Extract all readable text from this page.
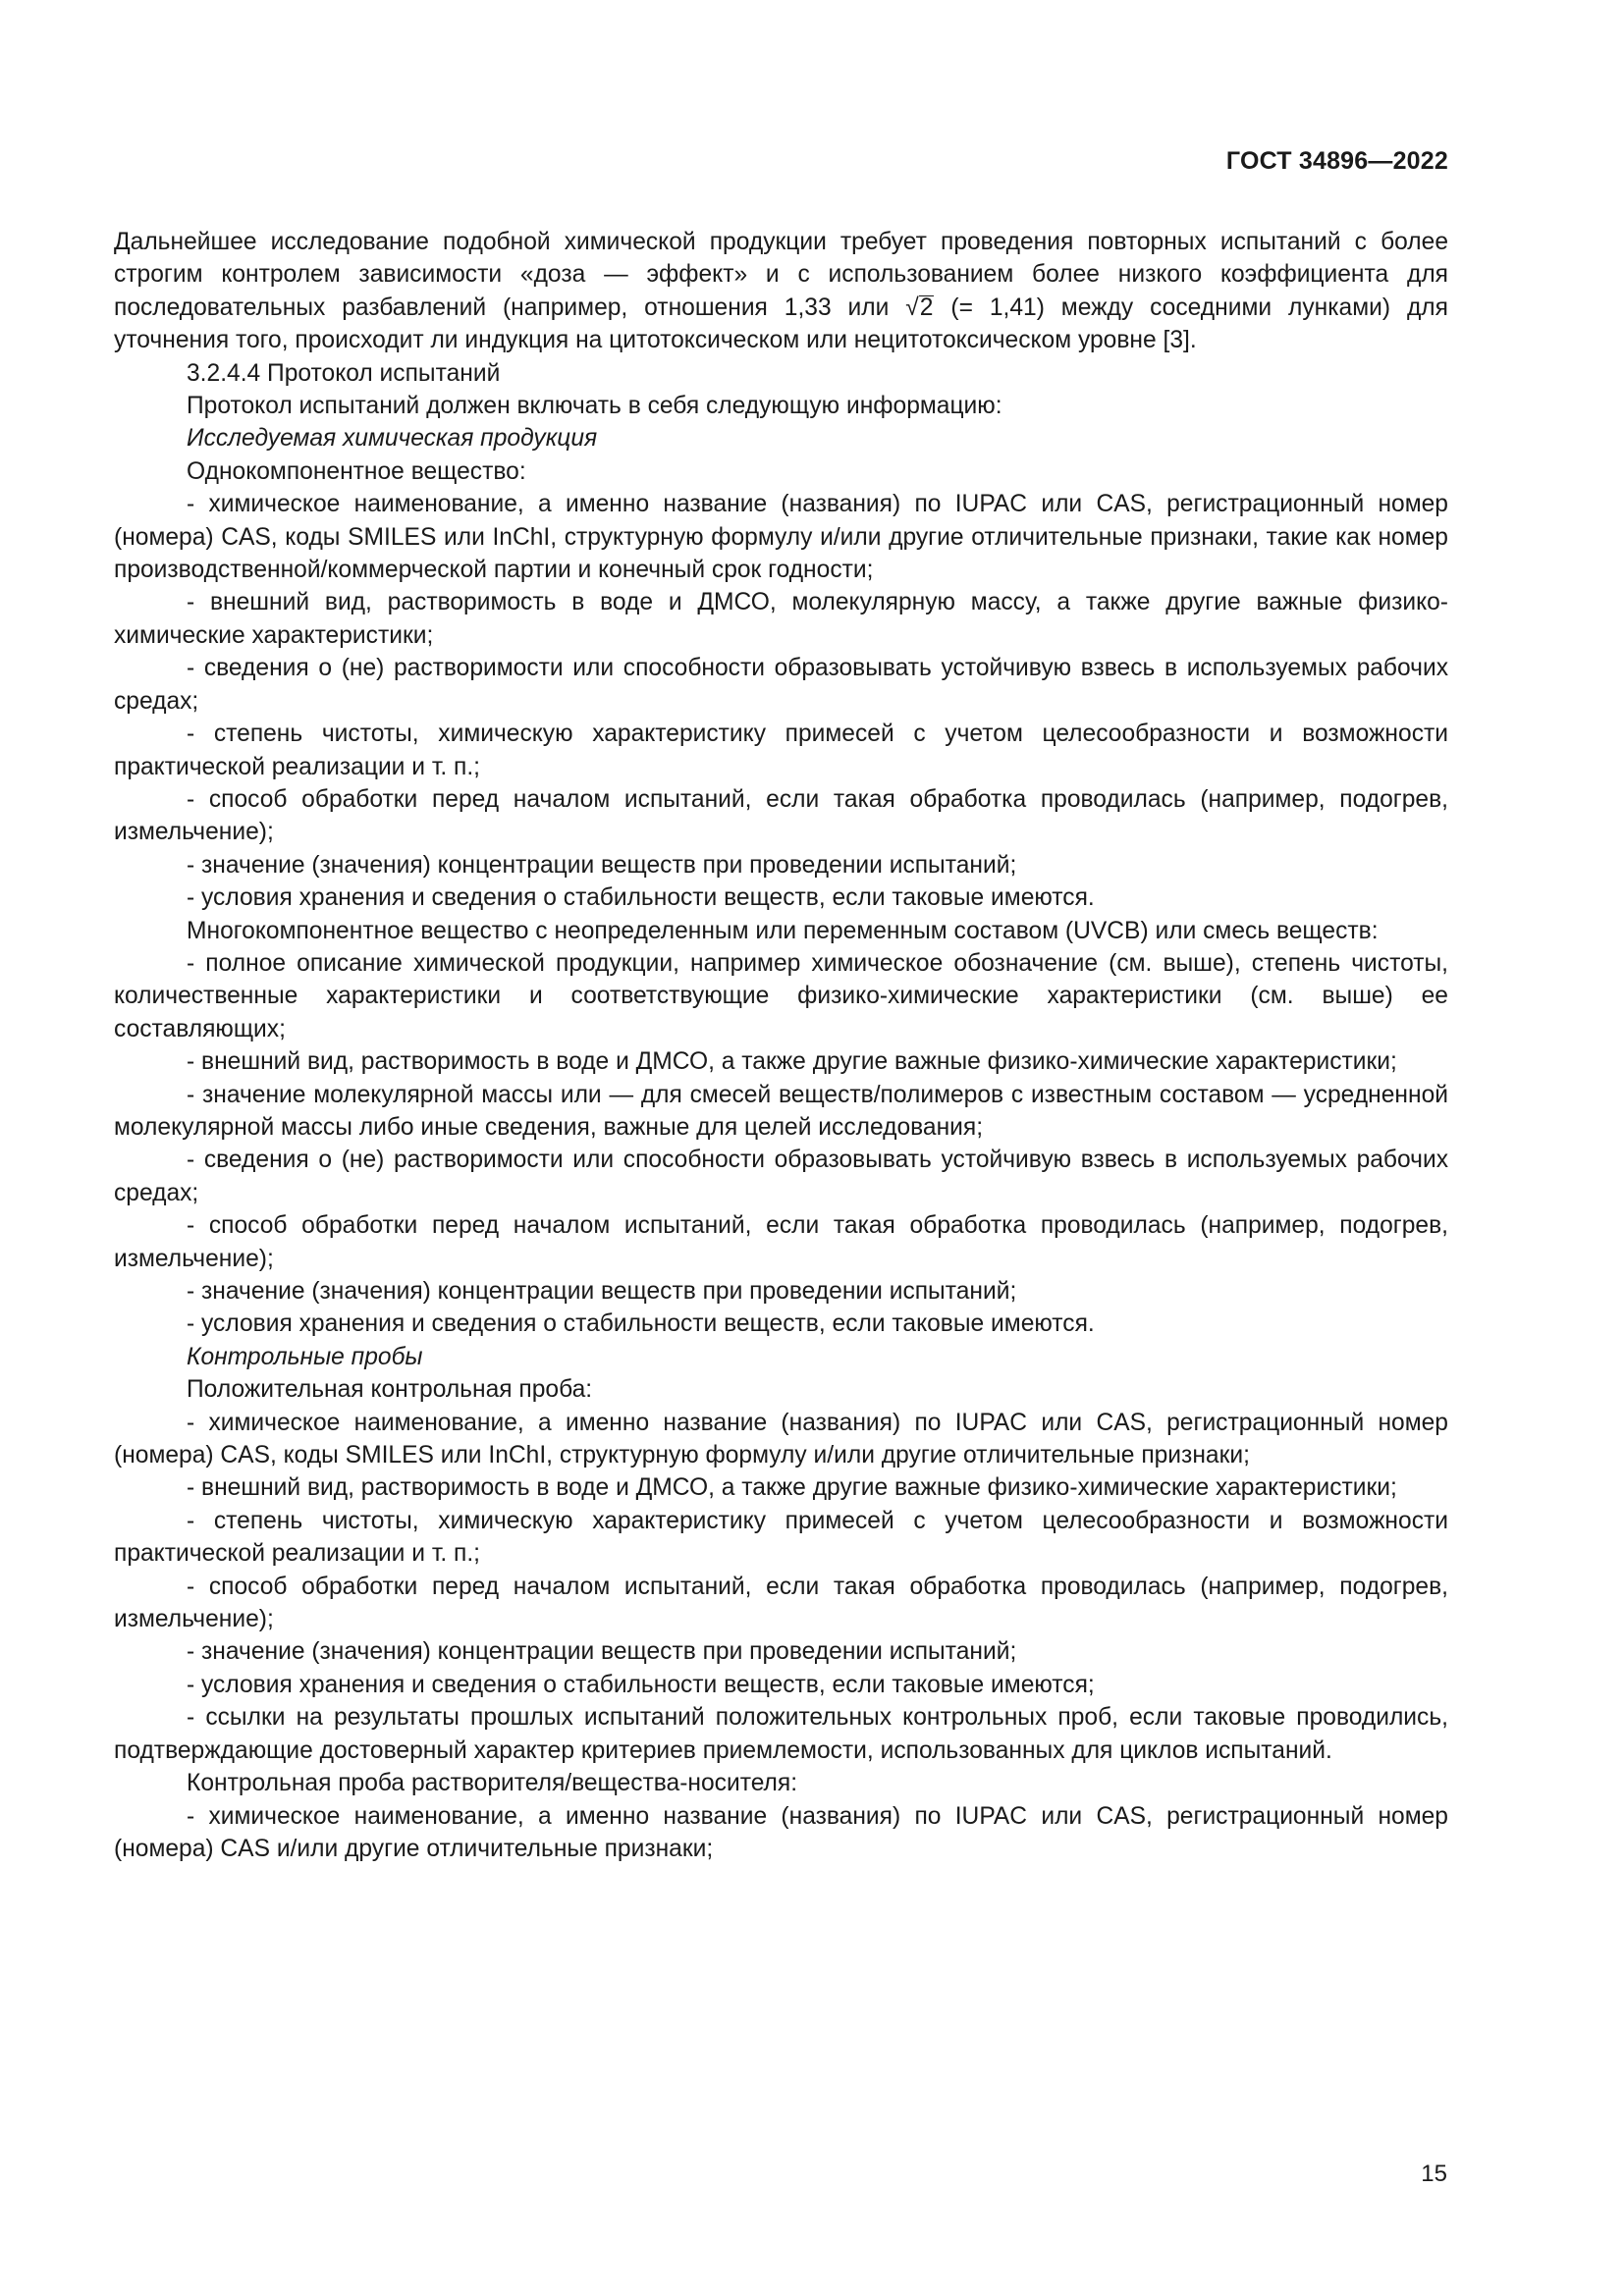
ГОСТ 34896—2022

Дальнейшее исследование подобной химической продукции требует проведения повторных испытаний с более строгим контролем зависимости «доза — эффект» и с использованием более низкого коэффициента для последовательных разбавлений (например, отношения 1,33 или √2 (= 1,41) между соседними лунками) для уточнения того, происходит ли индукция на цитотоксическом или нецитотоксическом уровне [3].

3.2.4.4 Протокол испытаний

Протокол испытаний должен включать в себя следующую информацию:

Исследуемая химическая продукция

Однокомпонентное вещество:

- химическое наименование, а именно название (названия) по IUPAC или CAS, регистрационный номер (номера) CAS, коды SMILES или InChI, структурную формулу и/или другие отличительные признаки, такие как номер производственной/коммерческой партии и конечный срок годности;

- внешний вид, растворимость в воде и ДМСО, молекулярную массу, а также другие важные физико-химические характеристики;

- сведения о (не) растворимости или способности образовывать устойчивую взвесь в используемых рабочих средах;

- степень чистоты, химическую характеристику примесей с учетом целесообразности и возможности практической реализации и т. п.;

- способ обработки перед началом испытаний, если такая обработка проводилась (например, подогрев, измельчение);

- значение (значения) концентрации веществ при проведении испытаний;

- условия хранения и сведения о стабильности веществ, если таковые имеются.

Многокомпонентное вещество с неопределенным или переменным составом (UVCB) или смесь веществ:

- полное описание химической продукции, например химическое обозначение (см. выше), степень чистоты, количественные характеристики и соответствующие физико-химические характеристики (см. выше) ее составляющих;

- внешний вид, растворимость в воде и ДМСО, а также другие важные физико-химические характеристики;

- значение молекулярной массы или — для смесей веществ/полимеров с известным составом — усредненной молекулярной массы либо иные сведения, важные для целей исследования;

- сведения о (не) растворимости или способности образовывать устойчивую взвесь в используемых рабочих средах;

- способ обработки перед началом испытаний, если такая обработка проводилась (например, подогрев, измельчение);

- значение (значения) концентрации веществ при проведении испытаний;

- условия хранения и сведения о стабильности веществ, если таковые имеются.

Контрольные пробы

Положительная контрольная проба:

- химическое наименование, а именно название (названия) по IUPAC или CAS, регистрационный номер (номера) CAS, коды SMILES или InChI, структурную формулу и/или другие отличительные признаки;

- внешний вид, растворимость в воде и ДМСО, а также другие важные физико-химические характеристики;

- степень чистоты, химическую характеристику примесей с учетом целесообразности и возможности практической реализации и т. п.;

- способ обработки перед началом испытаний, если такая обработка проводилась (например, подогрев, измельчение);

- значение (значения) концентрации веществ при проведении испытаний;

- условия хранения и сведения о стабильности веществ, если таковые имеются;

- ссылки на результаты прошлых испытаний положительных контрольных проб, если таковые проводились, подтверждающие достоверный характер критериев приемлемости, использованных для циклов испытаний.

Контрольная проба растворителя/вещества-носителя:

- химическое наименование, а именно название (названия) по IUPAC или CAS, регистрационный номер (номера) CAS и/или другие отличительные признаки;

15
